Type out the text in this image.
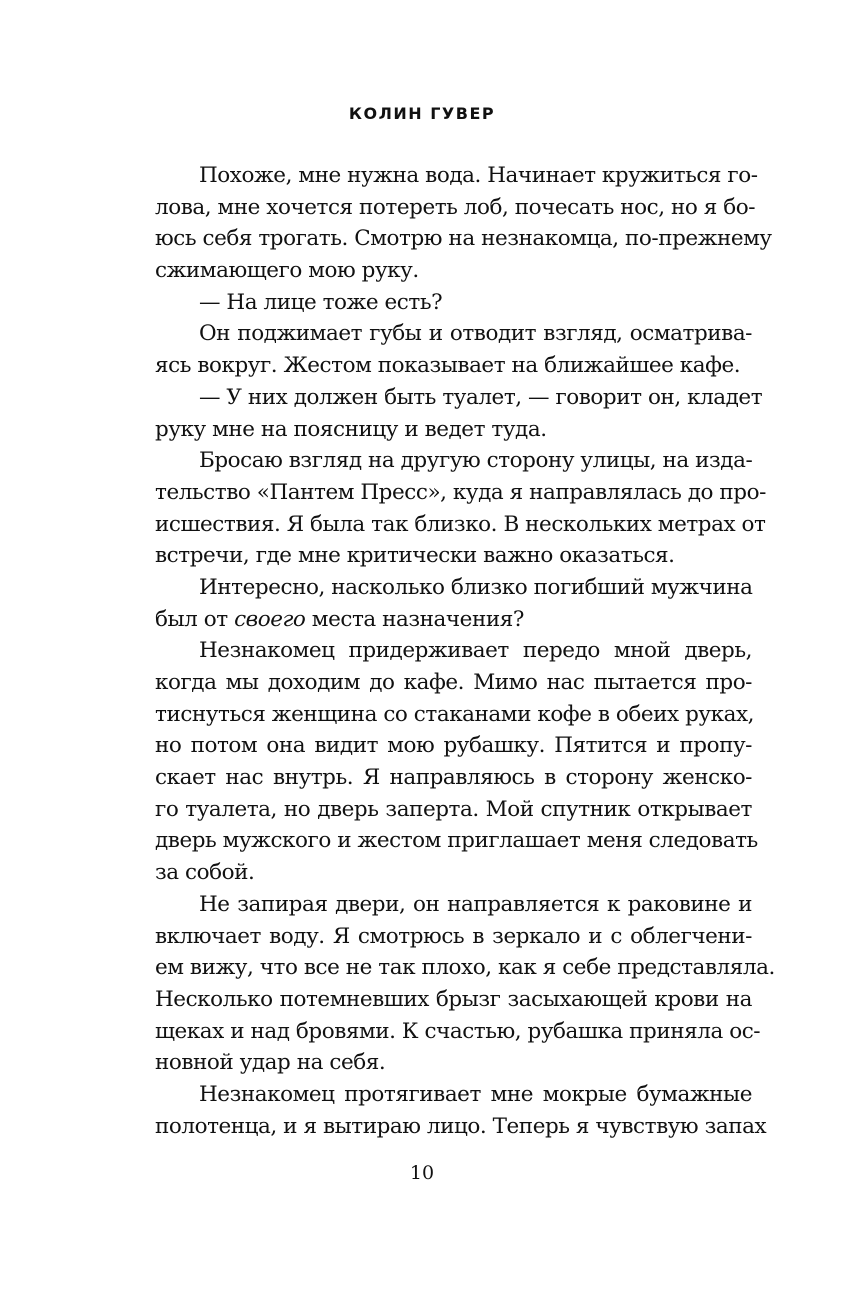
КОЛИН ГУВЕР
Похоже, мне нужна вода. Начинает кружиться го-
лова, мне хочется потереть лоб, почесать нос, но я бо-
юсь себя трогать. Смотрю на незнакомца, по-прежнему
сжимающего мою руку.
— На лице тоже есть?
Он поджимает губы и отводит взгляд, осматрива-
ясь вокруг. Жестом показывает на ближайшее кафе.
— У них должен быть туалет, — говорит он, кладет
руку мне на поясницу и ведет туда.
Бросаю взгляд на другую сторону улицы, на изда-
тельство «Пантем Пресс», куда я направлялась до про-
исшествия. Я была так близко. В нескольких метрах от
встречи, где мне критически важно оказаться.
Интересно, насколько близко погибший мужчина
был от своего места назначения?
Незнакомец придерживает передо мной дверь,
когда мы доходим до кафе. Мимо нас пытается про-
тиснуться женщина со стаканами кофе в обеих руках,
но потом она видит мою рубашку. Пятится и пропу-
скает нас внутрь. Я направляюсь в сторону женско-
го туалета, но дверь заперта. Мой спутник открывает
дверь мужского и жестом приглашает меня следовать
за собой.
Не запирая двери, он направляется к раковине и
включает воду. Я смотрюсь в зеркало и с облегчени-
ем вижу, что все не так плохо, как я себе представляла.
Несколько потемневших брызг засыхающей крови на
щеках и над бровями. К счастью, рубашка приняла ос-
новной удар на себя.
Незнакомец протягивает мне мокрые бумажные
полотенца, и я вытираю лицо. Теперь я чувствую запах
10
